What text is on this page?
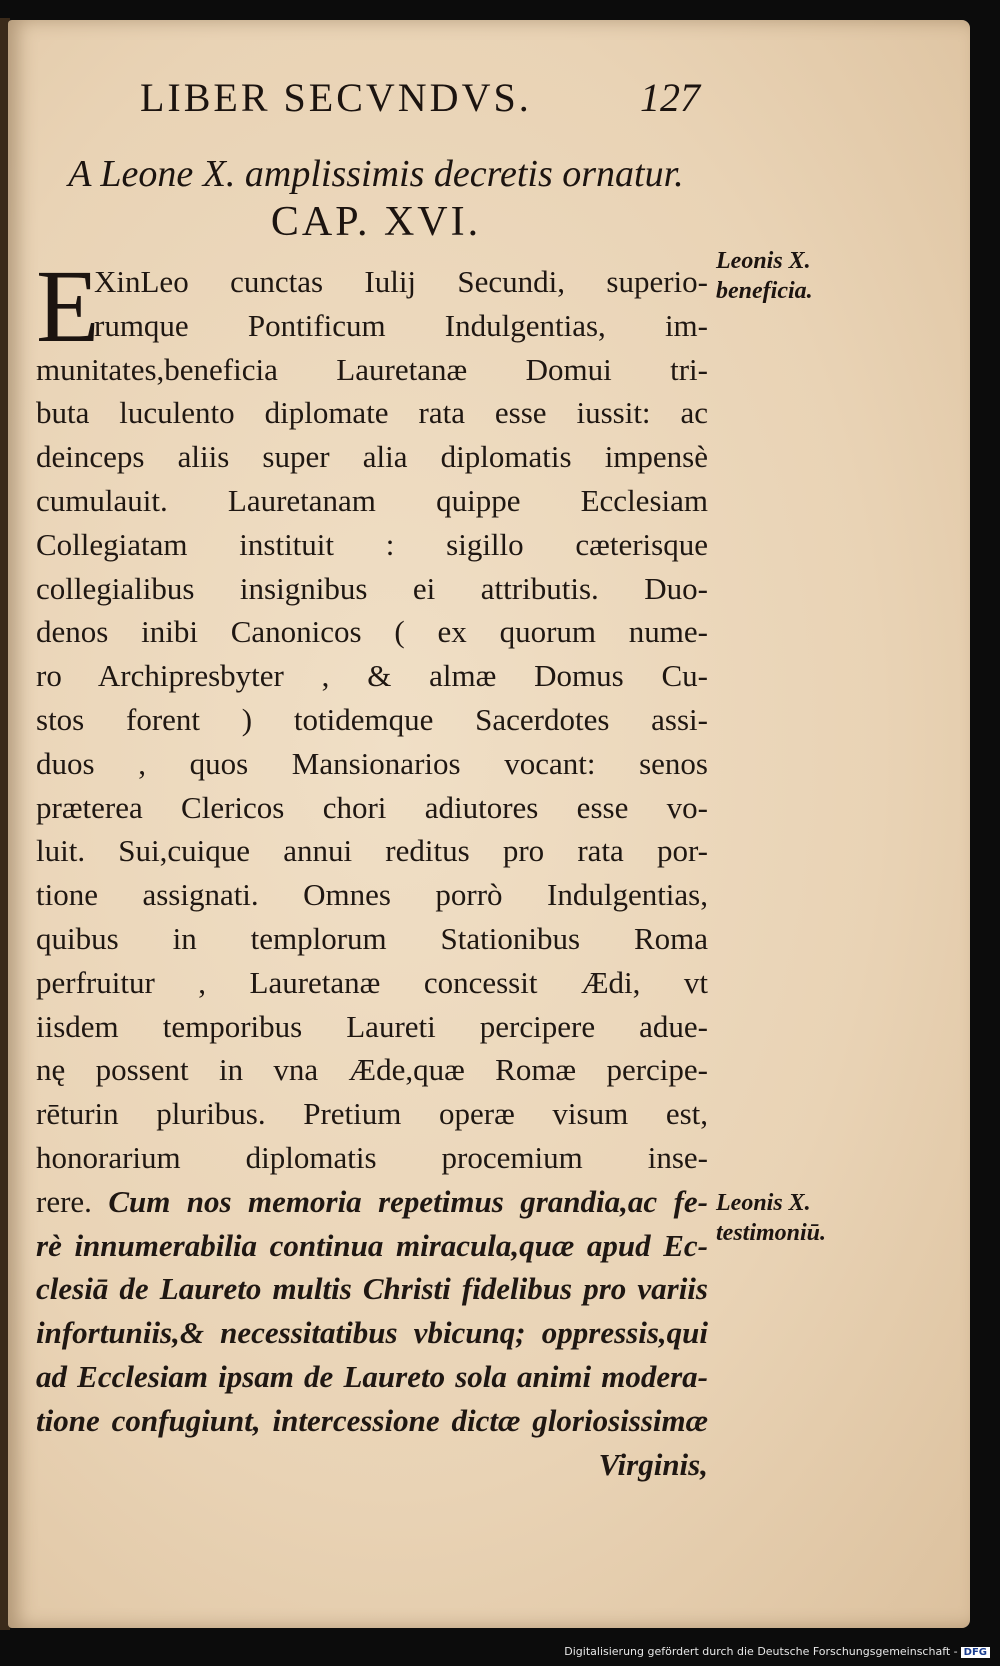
LIBER SECVNDVS.	127
A Leone X. amplissimis decretis ornatur.
CAP. XVI.
E
XinLeo cunctas Iulij Secundi, superio-
rumque Pontificum Indulgentias, im-
munitates,beneficia Lauretanæ Domui tri-
buta luculento diplomate rata esse iussit: ac
deinceps aliis super alia diplomatis impensè
cumulauit. Lauretanam quippe Ecclesiam
Collegiatam instituit : sigillo cæterisque
collegialibus insignibus ei attributis. Duo-
denos inibi Canonicos ( ex quorum nume-
ro Archipresbyter , & almæ Domus Cu-
stos forent ) totidemque Sacerdotes assi-
duos , quos Mansionarios vocant: senos
præterea Clericos chori adiutores esse vo-
luit. Sui,cuique annui reditus pro rata por-
tione assignati. Omnes porrò Indulgentias,
quibus in templorum Stationibus Roma
perfruitur , Lauretanæ concessit Ædi, vt
iisdem temporibus Laureti percipere adue-
nę possent in vna Æde,quæ Romæ percipe-
rēturin pluribus. Pretium operæ visum est,
honorarium diplomatis procemium inse-
rere. Cum nos memoria repetimus grandia,ac fe-
rè innumerabilia continua miracula,quæ apud Ec-
clesiā de Laureto multis Christi fidelibus pro variis
infortuniis,& necessitatibus vbicunq; oppressis,qui
ad Ecclesiam ipsam de Laureto sola animi modera-
tione confugiunt, intercessione dictæ gloriosissimæ
Virginis,
Leonis X.
beneficia.
Leonis X.
testimoniū.
Digitalisierung gefördert durch die Deutsche Forschungsgemeinschaft - DFG
